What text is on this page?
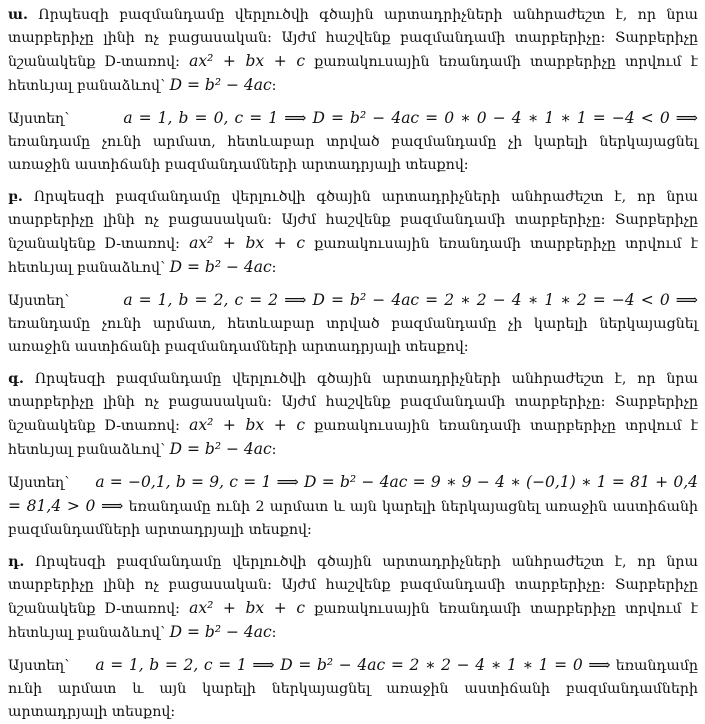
ա. Որպեսզի բազմանդամը վերլուծվի գծային արտադրիչների անհրաժեշտ է, որ նրա տարբերիչը լինի ոչ բացասական: Այժմ հաշվենք բազմանդամի տարբերիչը: Տարբերիչը նշանակենք D-տառով: ax² + bx + c քառակուսային եռանդամի տարբերիչը տրվում է հետևյալ բանաձևով՝ D = b² − 4ac:

Այստեղ՝	a = 1, b = 0, c = 1 ⟹ D = b² − 4ac = 0 ∗ 0 − 4 ∗ 1 ∗ 1 = −4 < 0 ⟹ եռանդամը չունի արմատ, հետևաբար տրված բազմանդամը չի կարելի ներկայացնել առաջին աստիճանի բազմանդամների արտադրյալի տեսքով:

բ. Որպեսզի բազմանդամը վերլուծվի գծային արտադրիչների անհրաժեշտ է, որ նրա տարբերիչը լինի ոչ բացասական: Այժմ հաշվենք բազմանդամի տարբերիչը: Տարբերիչը նշանակենք D-տառով: ax² + bx + c քառակուսային եռանդամի տարբերիչը տրվում է հետևյալ բանաձևով՝ D = b² − 4ac:

Այստեղ՝	a = 1, b = 2, c = 2 ⟹ D = b² − 4ac = 2 ∗ 2 − 4 ∗ 1 ∗ 2 = −4 < 0 ⟹ եռանդամը չունի արմատ, հետևաբար տրված բազմանդամը չի կարելի ներկայացնել առաջին աստիճանի բազմանդամների արտադրյալի տեսքով:

գ. Որպեսզի բազմանդամը վերլուծվի գծային արտադրիչների անհրաժեշտ է, որ նրա տարբերիչը լինի ոչ բացասական: Այժմ հաշվենք բազմանդամի տարբերիչը: Տարբերիչը նշանակենք D-տառով: ax² + bx + c քառակուսային եռանդամի տարբերիչը տրվում է հետևյալ բանաձևով՝ D = b² − 4ac:

Այստեղ՝ a = −0,1, b = 9, c = 1 ⟹ D = b² − 4ac = 9 ∗ 9 − 4 ∗ (−0,1) ∗ 1 = 81 + 0,4 = 81,4 > 0 ⟹ եռանդամը ունի 2 արմատ և այն կարելի ներկայացնել առաջին աստիճանի բազմանդամների արտադրյալի տեսքով:

դ. Որպեսզի բազմանդամը վերլուծվի գծային արտադրիչների անհրաժեշտ է, որ նրա տարբերիչը լինի ոչ բացասական: Այժմ հաշվենք բազմանդամի տարբերիչը: Տարբերիչը նշանակենք D-տառով: ax² + bx + c քառակուսային եռանդամի տարբերիչը տրվում է հետևյալ բանաձևով՝ D = b² − 4ac:

Այստեղ՝ a = 1, b = 2, c = 1 ⟹ D = b² − 4ac = 2 ∗ 2 − 4 ∗ 1 ∗ 1 = 0 ⟹ եռանդամը ունի արմատ և այն կարելի ներկայացնել առաջին աստիճանի բազմանդամների արտադրյալի տեսքով:
